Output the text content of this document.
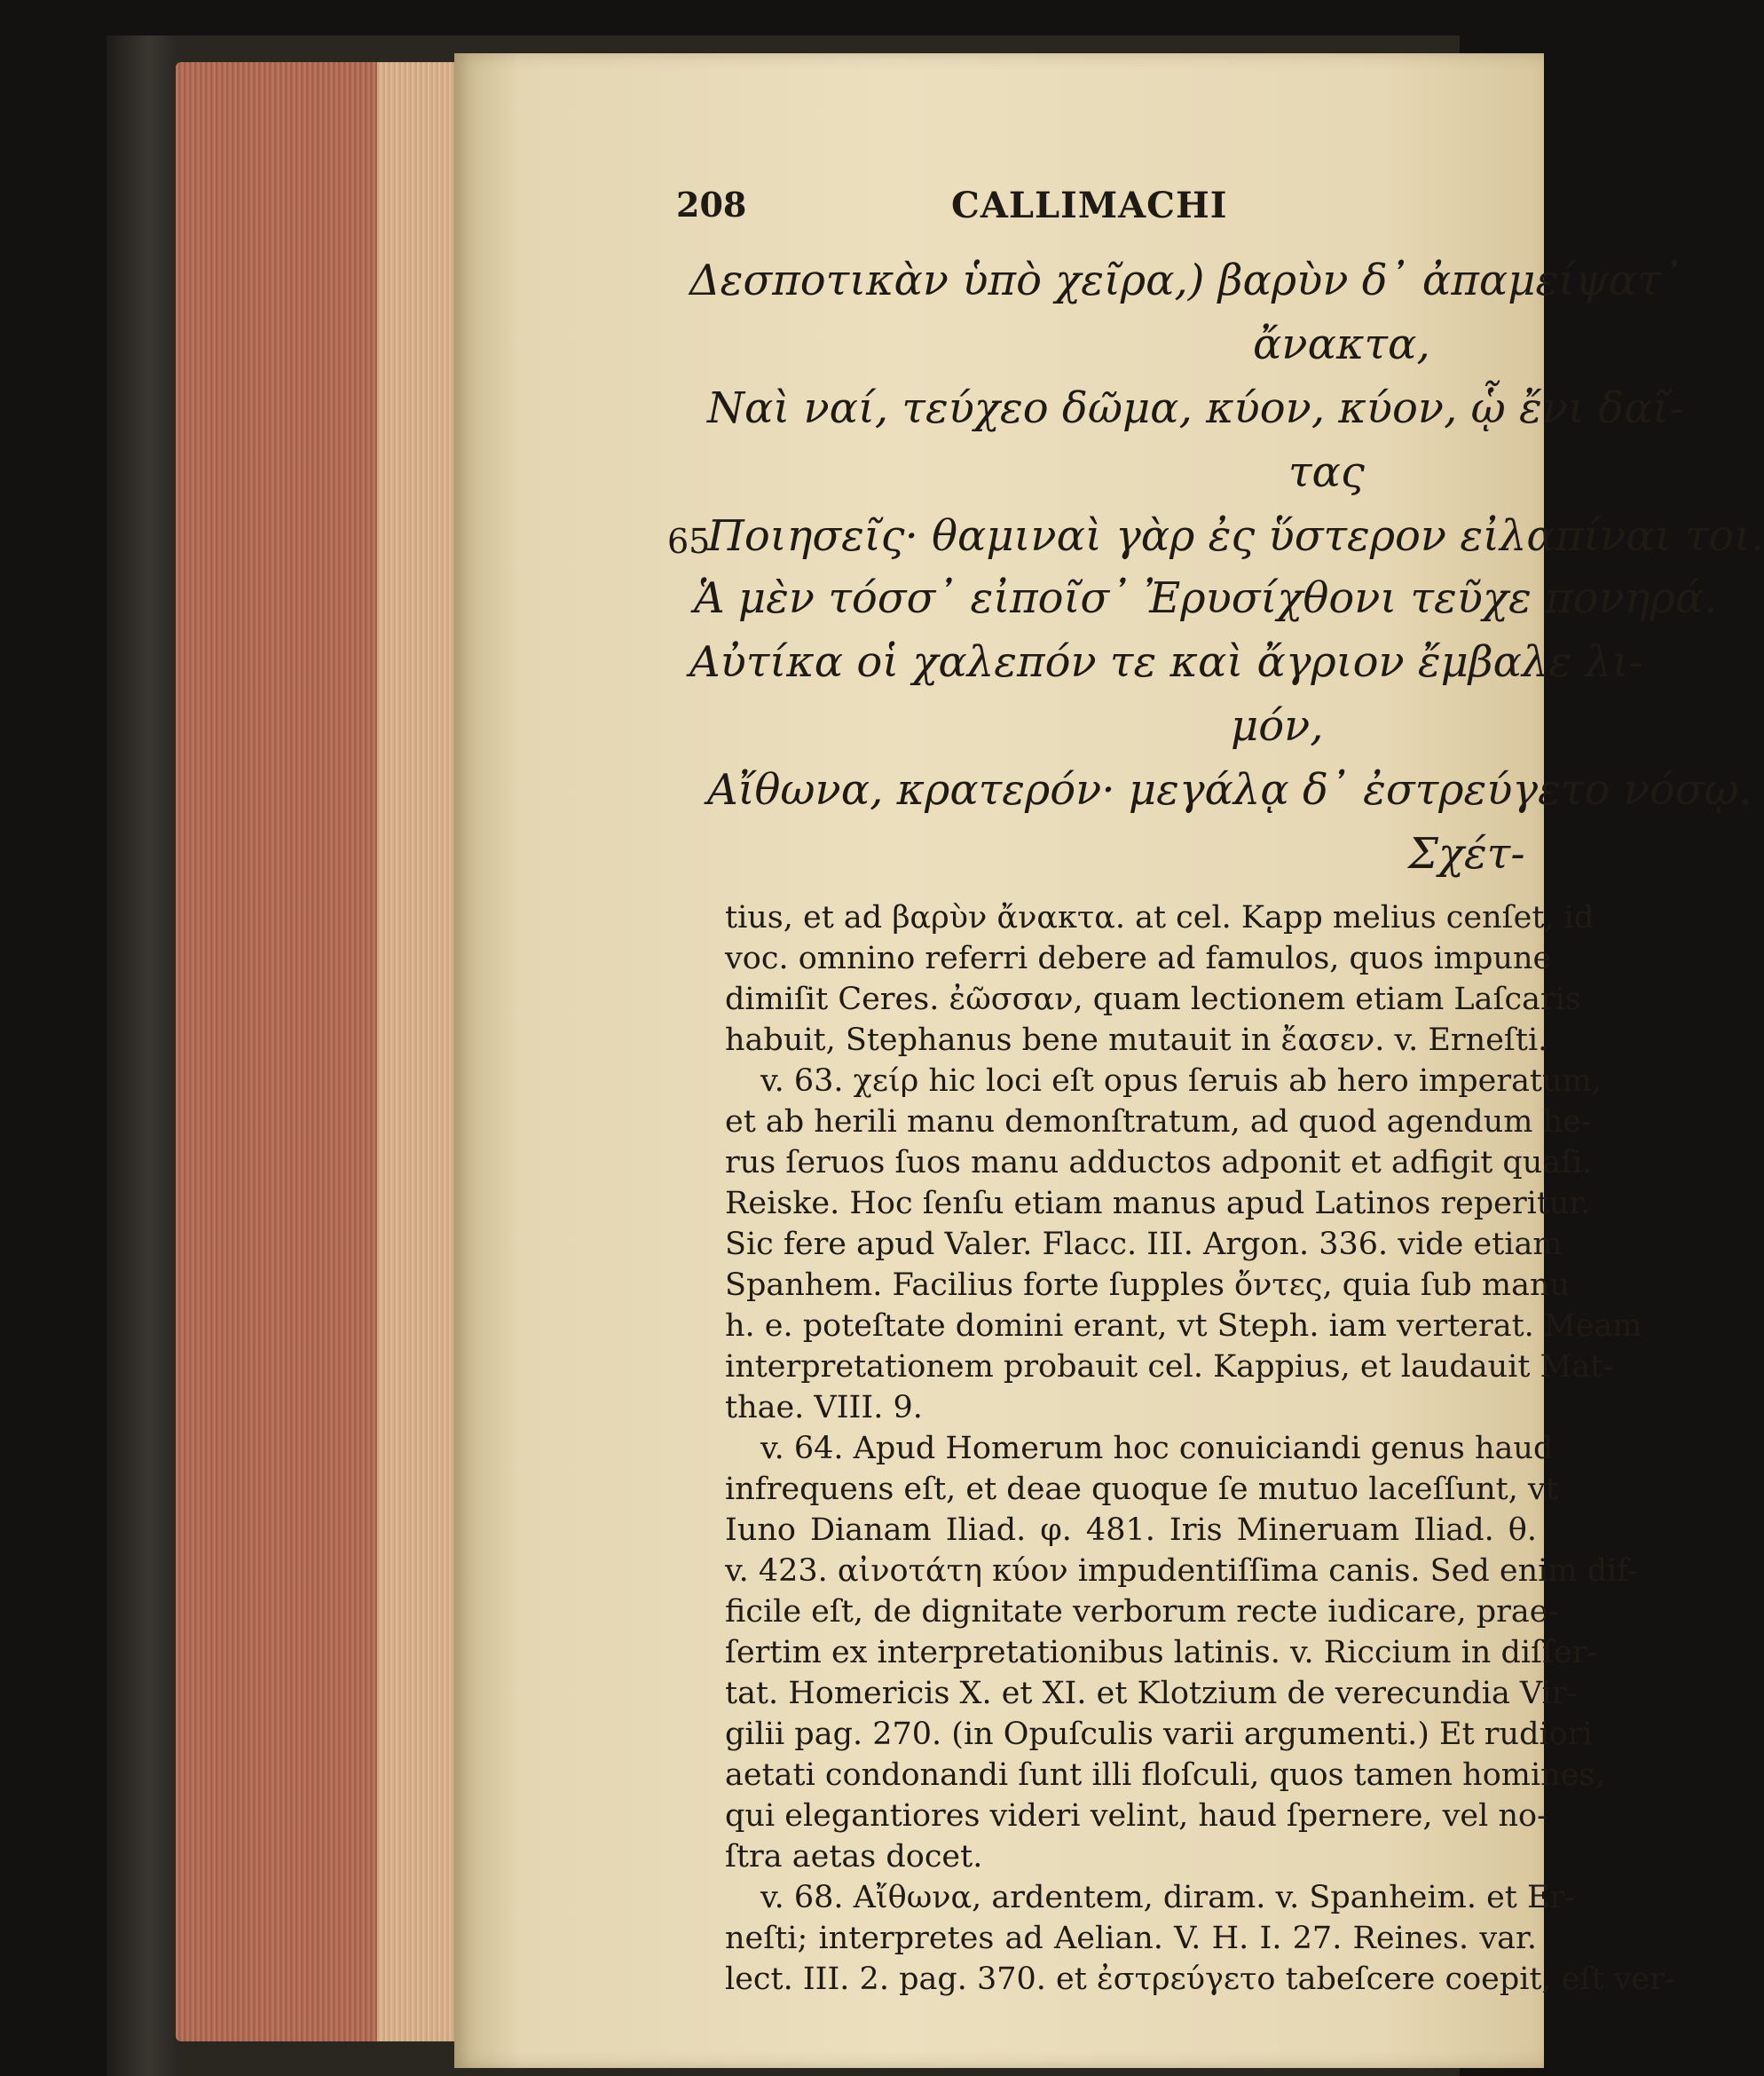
208	CALLIMACHI
Δεσποτικὰν ὑπὸ χεῖρα,) βαρὺν δ᾽ ἀπαμείψατ᾽
ἄνακτα,
Ναὶ ναί, τεύχεο δῶμα, κύον, κύον, ᾧ ἔνι δαῖ-
τας
65
Ποιησεῖς· θαμιναὶ γὰρ ἐς ὕστερον εἰλαπίναι τοι.
Ἁ μὲν τόσσ᾽ εἰποῖσ᾽ Ἐρυσίχθονι τεῦχε πονηρά.
Αὐτίκα οἱ χαλεπόν τε καὶ ἄγριον ἔμβαλε λι-
μόν,
Αἴθωνα, κρατερόν· μεγάλᾳ δ᾽ ἐστρεύγετο νόσῳ.
Σχέτ-
tius, et ad βαρὺν ἄνακτα. at cel. Kapp melius cenſet, id
voc. omnino referri debere ad famulos, quos impune
dimiſit Ceres. ἐῶσσαν, quam lectionem etiam Laſcaris
habuit, Stephanus bene mutauit in ἔασεν. v. Erneſti.
v. 63. χείρ hic loci eſt opus ſeruis ab hero imperatum,
et ab herili manu demonſtratum, ad quod agendum he-
rus ſeruos ſuos manu adductos adponit et adfigit quaſi.
Reiske. Hoc ſenſu etiam manus apud Latinos reperitur.
Sic fere apud Valer. Flacc. III. Argon. 336. vide etiam
Spanhem. Facilius forte ſupples ὄντες, quia ſub manu
h. e. poteſtate domini erant, vt Steph. iam verterat. Meam
interpretationem probauit cel. Kappius, et laudauit Mat-
thae. VIII. 9.
v. 64. Apud Homerum hoc conuiciandi genus haud
infrequens eſt, et deae quoque ſe mutuo laceſſunt, vt
Iuno Dianam Iliad. φ. 481. Iris Mineruam Iliad. θ.
v. 423. αἰνοτάτη κύον impudentiſſima canis. Sed enim dif-
ficile eſt, de dignitate verborum recte iudicare, prae-
ſertim ex interpretationibus latinis. v. Riccium in diſſer-
tat. Homericis X. et XI. et Klotzium de verecundia Vir-
gilii pag. 270. (in Opuſculis varii argumenti.) Et rudiori
aetati condonandi ſunt illi floſculi, quos tamen homines,
qui elegantiores videri velint, haud ſpernere, vel no-
ſtra aetas docet.
v. 68. Αἴθωνα, ardentem, diram. v. Spanheim. et Er-
neſti; interpretes ad Aelian. V. H. I. 27. Reines. var.
lect. III. 2. pag. 370. et ἐστρεύγετο tabeſcere coepit, eſt ver-
